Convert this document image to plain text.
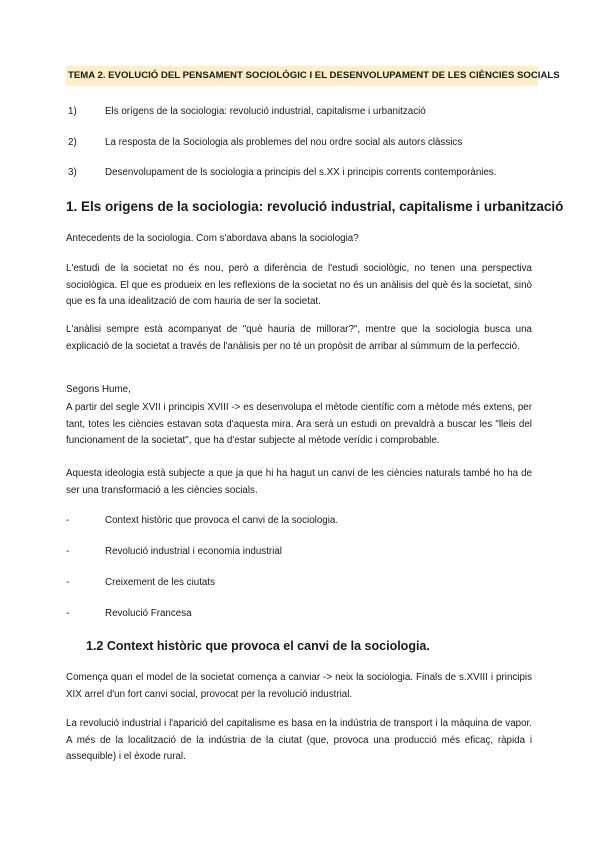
TEMA 2. EVOLUCIÓ DEL PENSAMENT SOCIOLÒGIC I EL DESENVOLUPAMENT DE LES CIÈNCIES SOCIALS
1)	Els orígens de la sociologia: revolució industrial, capitalisme i urbanització
2)	La resposta de la Sociologia als problemes del nou ordre social als autors clàssics
3)	Desenvolupament de ls sociologia a principis del s.XX i principis corrents contemporànies.
1. Els origens de la sociologia: revolució industrial, capitalisme i urbanització
Antecedents de la sociologia. Com s'abordava abans la sociologia?
L'estudi de la societat no és nou, però a diferència de l'estudi sociològic, no tenen una perspectiva sociològica. El que es produeix en les reflexions de la societat no és un anàlisis del què és la societat, sinò que es fa una idealització de com hauria de ser la societat.
L'anàlisi sempre està acompanyat de "què hauria de millorar?", mentre que la sociologia busca una explicació de la societat a través de l'anàlisis per no té un propòsit de arribar al súmmum de la perfecció.
Segons Hume,
A partir del segle XVII i principis XVIII -> es desenvolupa el mètode científic com a mètode més extens, per tant, totes les ciències estavan sota d'aquesta mira. Ara serà un estudi on prevaldrà a buscar les "lleis del funcionament de la societat", que ha d'estar subjecte al mètode verídic i comprobable.
Aquesta ideologia està subjecte a que ja que hi ha hagut un canvi de les ciències naturals també ho ha de ser una transformació a les ciències socials.
-	Context històric que provoca el canvi de la sociologia.
-	Revolució industrial i economia industrial
-	Creixement de les ciutats
-	Revolució Francesa
1.2 Context històric que provoca el canvi de la sociologia.
Comença quan el model de la societat comença a canviar -> neix la sociologia. Finals de s.XVIII i principis XIX arrel d'un fort canvi social, provocat per la revolució industrial.
La revolució industrial i l'aparició del capitalisme es basa en la indústria de transport i la màquina de vapor. A més de la localització de la indústria de la ciutat (que, provoca una producció més eficaç, ràpida i assequible) i el èxode rural.
